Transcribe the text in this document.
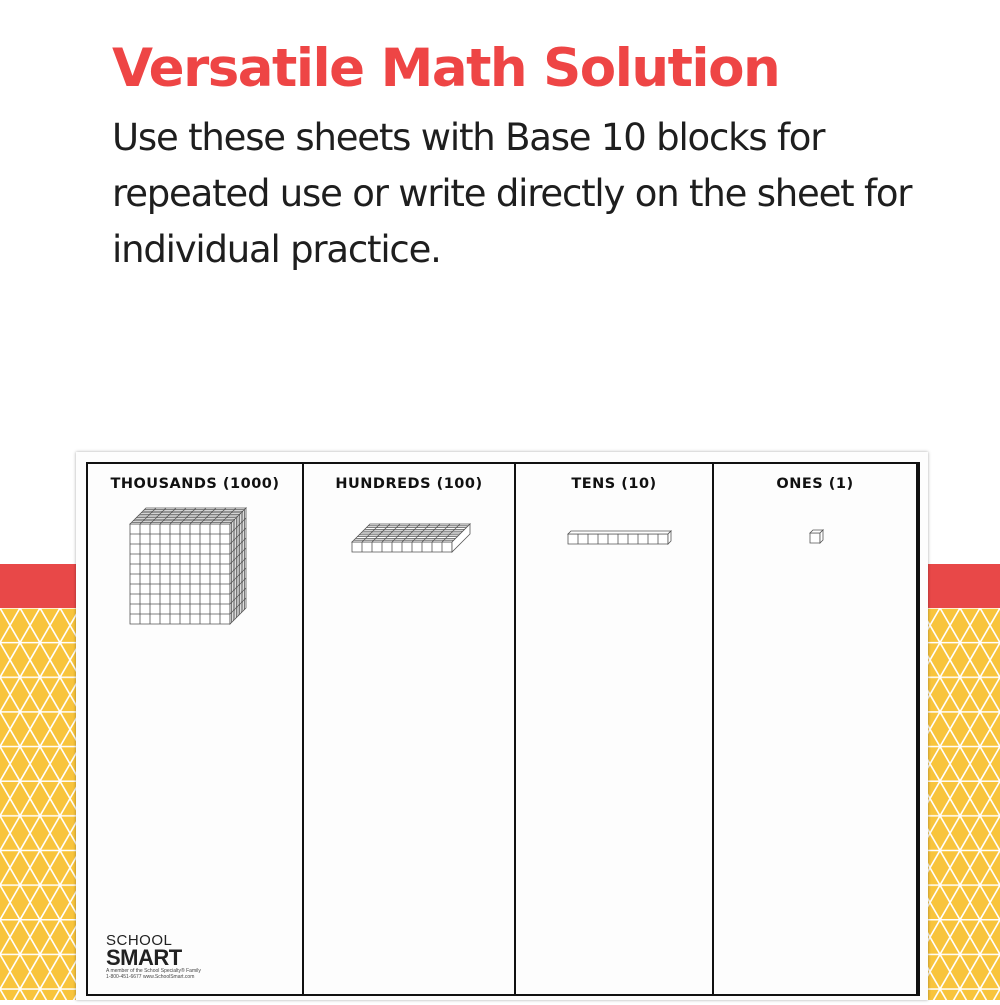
Versatile Math Solution

Use these sheets with Base 10 blocks for repeated use or write directly on the sheet for individual practice.

THOUSANDS (1000)	HUNDREDS (100)	TENS (10)	ONES (1)
SCHOOL
SMART
A member of the School Specialty® Family
1-800-451-6677 www.SchoolSmart.com
